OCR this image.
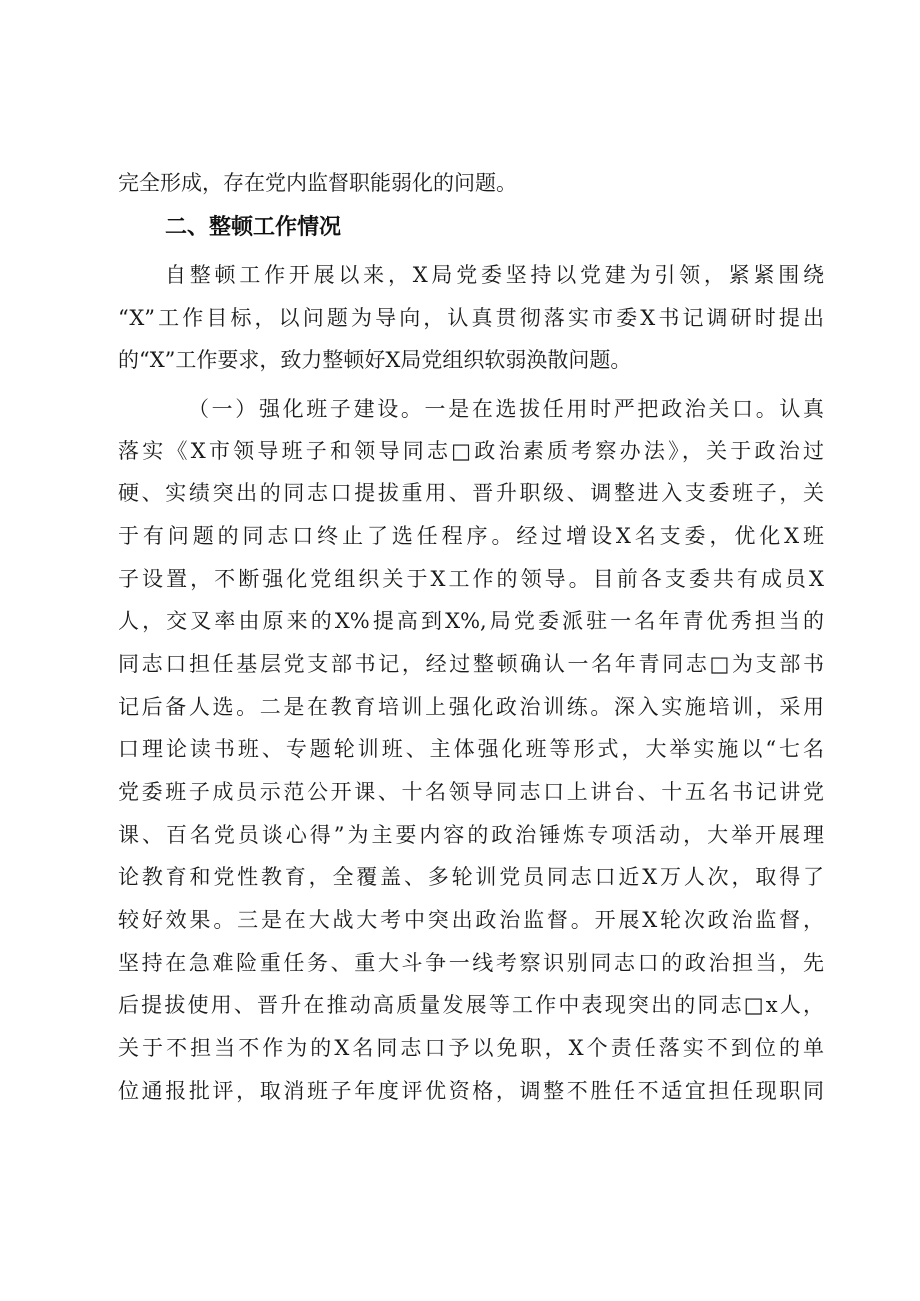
完全形成，存在党内监督职能弱化的问题。
二、整顿工作情况
自整顿工作开展以来，X局党委坚持以党建为引领，紧紧围绕
“X”工作目标，以问题为导向，认真贯彻落实市委X书记调研时提出
的“X”工作要求，致力整顿好X局党组织软弱涣散问题。
（一）强化班子建设。一是在选拔任用时严把政治关口。认真
落实《X市领导班子和领导同志□政治素质考察办法》，关于政治过
硬、实绩突出的同志口提拔重用、晋升职级、调整进入支委班子，关
于有问题的同志口终止了选任程序。经过增设X名支委，优化X班
子设置，不断强化党组织关于X工作的领导。目前各支委共有成员X
人，交叉率由原来的X%提高到X%,局党委派驻一名年青优秀担当的
同志口担任基层党支部书记，经过整顿确认一名年青同志□为支部书
记后备人选。二是在教育培训上强化政治训练。深入实施培训，采用
口理论读书班、专题轮训班、主体强化班等形式，大举实施以“七名
党委班子成员示范公开课、十名领导同志口上讲台、十五名书记讲党
课、百名党员谈心得”为主要内容的政治锤炼专项活动，大举开展理
论教育和党性教育，全覆盖、多轮训党员同志口近X万人次，取得了
较好效果。三是在大战大考中突出政治监督。开展X轮次政治监督，
坚持在急难险重任务、重大斗争一线考察识别同志口的政治担当，先
后提拔使用、晋升在推动高质量发展等工作中表现突出的同志□x人，
关于不担当不作为的X名同志口予以免职，X个责任落实不到位的单
位通报批评，取消班子年度评优资格，调整不胜任不适宜担任现职同
